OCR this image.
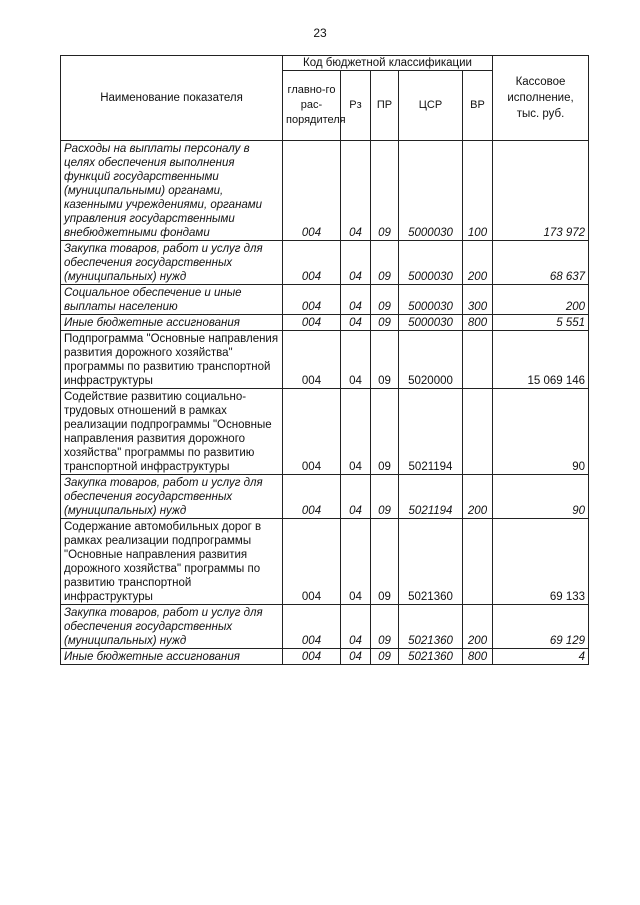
23
Наименование показателя	Код бюджетной классификации					Кассовое исполнение, тыс. руб.
	главно-го рас-порядителя	Рз	ПР	ЦСР	ВР	
Расходы на выплаты персоналу в целях обеспечения выполнения функций государственными (муниципальными) органами, казенными учреждениями, органами управления государственными внебюджетными фондами	004	04	09	5000030	100	173 972
Закупка товаров, работ и услуг для обеспечения государственных (муниципальных) нужд	004	04	09	5000030	200	68 637
Социальное обеспечение и иные выплаты населению	004	04	09	5000030	300	200
Иные бюджетные ассигнования	004	04	09	5000030	800	5 551
Подпрограмма "Основные направления развития дорожного хозяйства" программы по развитию транспортной инфраструктуры	004	04	09	5020000		15 069 146
Содействие развитию социально-трудовых отношений в рамках реализации подпрограммы "Основные направления развития дорожного хозяйства" программы по развитию транспортной инфраструктуры	004	04	09	5021194		90
Закупка товаров, работ и услуг для обеспечения государственных (муниципальных) нужд	004	04	09	5021194	200	90
Содержание автомобильных дорог в рамках реализации подпрограммы "Основные направления развития дорожного хозяйства" программы по развитию транспортной инфраструктуры	004	04	09	5021360		69 133
Закупка товаров, работ и услуг для обеспечения государственных (муниципальных) нужд	004	04	09	5021360	200	69 129
Иные бюджетные ассигнования	004	04	09	5021360	800	4
